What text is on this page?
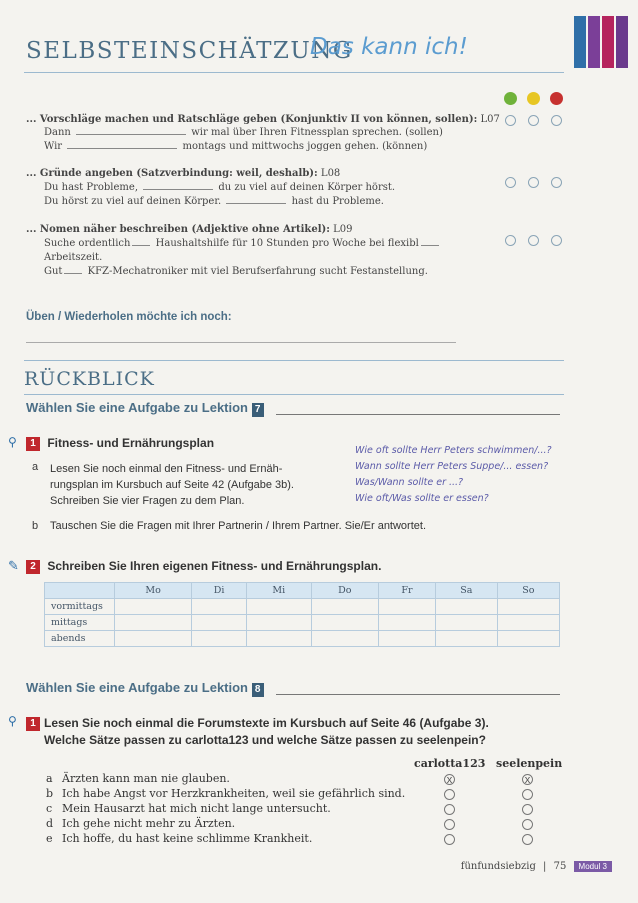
SELBSTEINSCHÄTZUNG
Das kann ich!
... Vorschläge machen und Ratschläge geben (Konjunktiv II von können, sollen): L07
Dann	wir mal über Ihren Fitnessplan sprechen. (sollen)
Wir	montags und mittwochs joggen gehen. (können)
... Gründe angeben (Satzverbindung: weil, deshalb): L08
Du hast Probleme,	du zu viel auf deinen Körper hörst.
Du hörst zu viel auf deinen Körper.	hast du Probleme.
... Nomen näher beschreiben (Adjektive ohne Artikel): L09
Suche ordentlich	Haushaltshilfe für 10 Stunden pro Woche bei flexibl
Arbeitszeit.
Gut	KFZ-Mechatroniker mit viel Berufserfahrung sucht Festanstellung.
Üben / Wiederholen möchte ich noch:
RÜCKBLICK
Wählen Sie eine Aufgabe zu Lektion 7
⚲	1 Fitness- und Ernährungsplan
a Lesen Sie noch einmal den Fitness- und Ernäh-
rungsplan im Kursbuch auf Seite 42 (Aufgabe 3b).
Schreiben Sie vier Fragen zu dem Plan.
Wie oft sollte Herr Peters schwimmen/...?
Wann sollte Herr Peters Suppe/... essen?
Was/Wann sollte er ...?
Wie oft/Was sollte er essen?
b Tauschen Sie die Fragen mit Ihrer Partnerin / Ihrem Partner. Sie/Er antwortet.
✎	2 Schreiben Sie Ihren eigenen Fitness- und Ernährungsplan.
	Mo	Di	Mi	Do	Fr	Sa	So
vormittags							
mittags							
abends							
Wählen Sie eine Aufgabe zu Lektion 8
⚲	1 Lesen Sie noch einmal die Forumstexte im Kursbuch auf Seite 46 (Aufgabe 3).
Welche Sätze passen zu carlotta123 und welche Sätze passen zu seelenpein?
carlotta123 seelenpein
a Ärzten kann man nie glauben.	x	x
b Ich habe Angst vor Herzkrankheiten, weil sie gefährlich sind.
c Mein Hausarzt hat mich nicht lange untersucht.
d Ich gehe nicht mehr zu Ärzten.
e Ich hoffe, du hast keine schlimme Krankheit.
fünfundsiebzig | 75 Modul 3
